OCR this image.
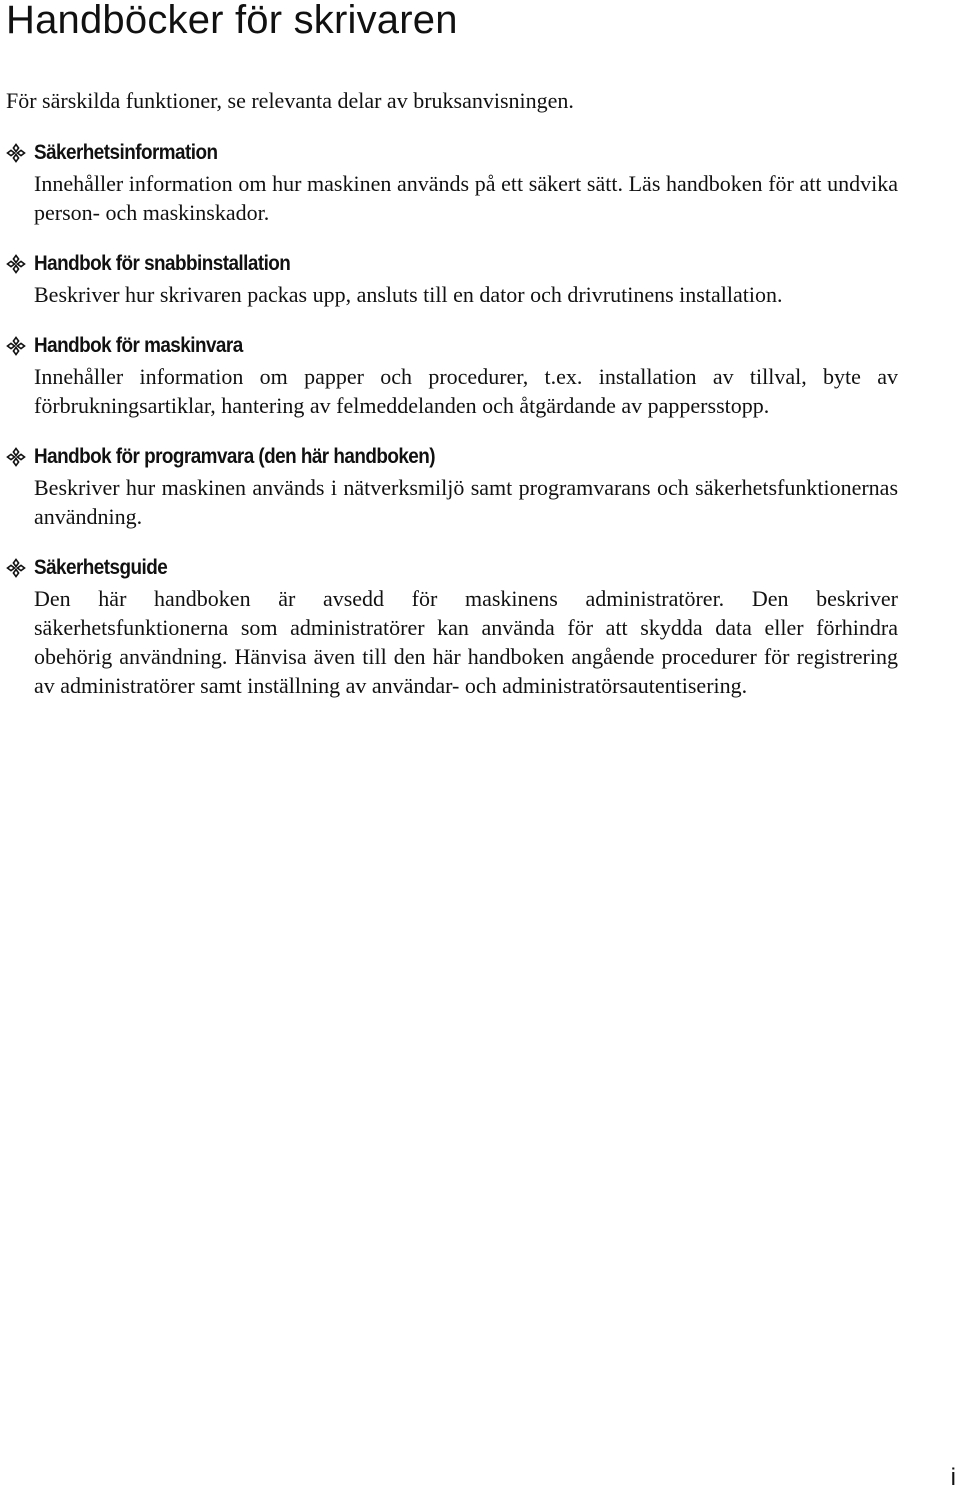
Handböcker för skrivaren

För särskilda funktioner, se relevanta delar av bruksanvisningen.

Säkerhetsinformation

Innehåller information om hur maskinen används på ett säkert sätt. Läs handboken för att undvika person- och maskinskador.

Handbok för snabbinstallation

Beskriver hur skrivaren packas upp, ansluts till en dator och drivrutinens installation.

Handbok för maskinvara

Innehåller information om papper och procedurer, t.ex. installation av tillval, byte av förbrukningsartiklar, hantering av felmeddelanden och åtgärdande av pappersstopp.

Handbok för programvara (den här handboken)

Beskriver hur maskinen används i nätverksmiljö samt programvarans och säkerhetsfunktionernas användning.

Säkerhetsguide

Den här handboken är avsedd för maskinens administratörer. Den beskriver säkerhetsfunktionerna som administratörer kan använda för att skydda data eller förhindra obehörig användning. Hänvisa även till den här handboken angående procedurer för registrering av administratörer samt inställning av användar- och administratörsautentisering.

i
